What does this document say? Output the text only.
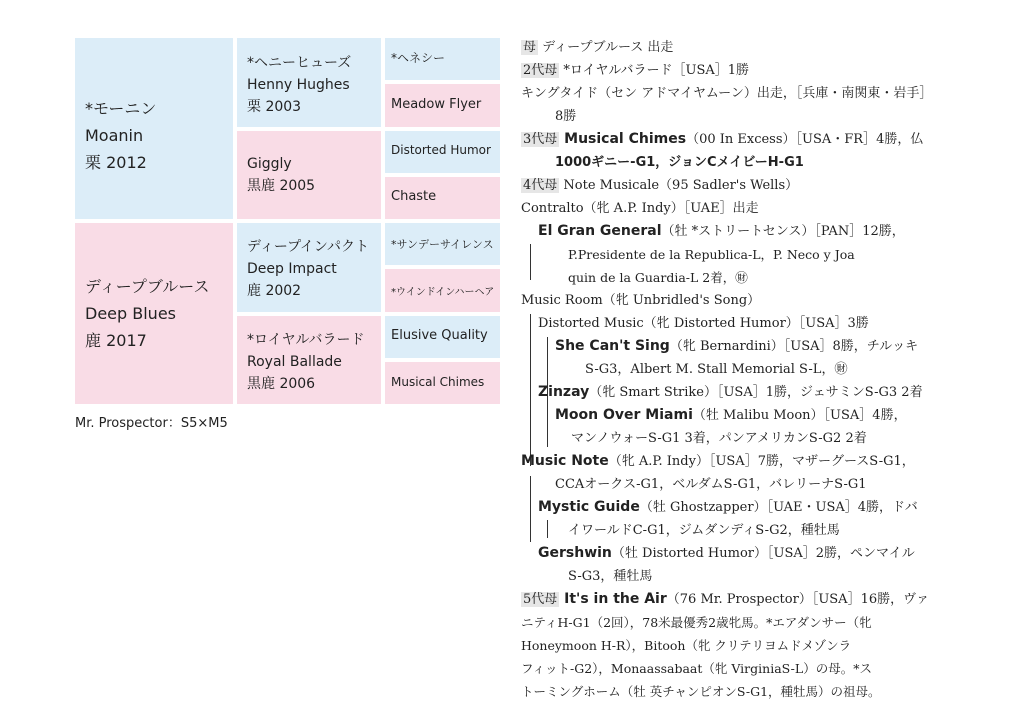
*モーニン
Moanin
栗 2012
*ヘニーヒューズ
Henny Hughes
栗 2003
Giggly
黒鹿 2005
*ヘネシー
Meadow Flyer
Distorted Humor
Chaste
ディープブルース
Deep Blues
鹿 2017
ディープインパクト
Deep Impact
鹿 2002
*ロイヤルバラード
Royal Ballade
黒鹿 2006
*サンデーサイレンス
*ウインドインハーヘア
Elusive Quality
Musical Chimes
Mr. Prospector：S5×M5
母 ディープブルース 出走
2代母 *ロイヤルバラード［USA］1勝
キングタイド（セン アドマイヤムーン）出走，［兵庫・南関東・岩手］
8勝
3代母 Musical Chimes（00 In Excess）［USA・FR］4勝，仏
1000ギニー-G1，ジョンCメイビーH-G1
4代母 Note Musicale（95 Sadler's Wells）
Contralto（牝 A.P. Indy）［UAE］出走
El Gran General（牡 *ストリートセンス）［PAN］12勝，
P.Presidente de la Republica-L，P. Neco y Joa
quin de la Guardia-L 2着，㊖
Music Room（牝 Unbridled's Song）
Distorted Music（牝 Distorted Humor）［USA］3勝
She Can't Sing（牝 Bernardini）［USA］8勝，チルッキ
S-G3，Albert M. Stall Memorial S-L，㊖
Zinzay（牝 Smart Strike）［USA］1勝，ジェサミンS-G3 2着
Moon Over Miami（牡 Malibu Moon）［USA］4勝，
マンノウォーS-G1 3着，パンアメリカンS-G2 2着
Music Note（牝 A.P. Indy）［USA］7勝，マザーグースS-G1，
CCAオークス-G1，ベルダムS-G1，バレリーナS-G1
Mystic Guide（牡 Ghostzapper）［UAE・USA］4勝，ドバ
イワールドC-G1，ジムダンディS-G2，種牡馬
Gershwin（牡 Distorted Humor）［USA］2勝，ペンマイル
S-G3，種牡馬
5代母 It's in the Air（76 Mr. Prospector）［USA］16勝，ヴァ
ニティH-G1（2回），78米最優秀2歳牝馬。*エアダンサー（牝
Honeymoon H-R），Bitooh（牝 クリテリヨムドメゾンラ
フィット-G2），Monaassabaat（牝 VirginiaS-L）の母。*ス
トーミングホーム（牡 英チャンピオンS-G1，種牡馬）の祖母。
